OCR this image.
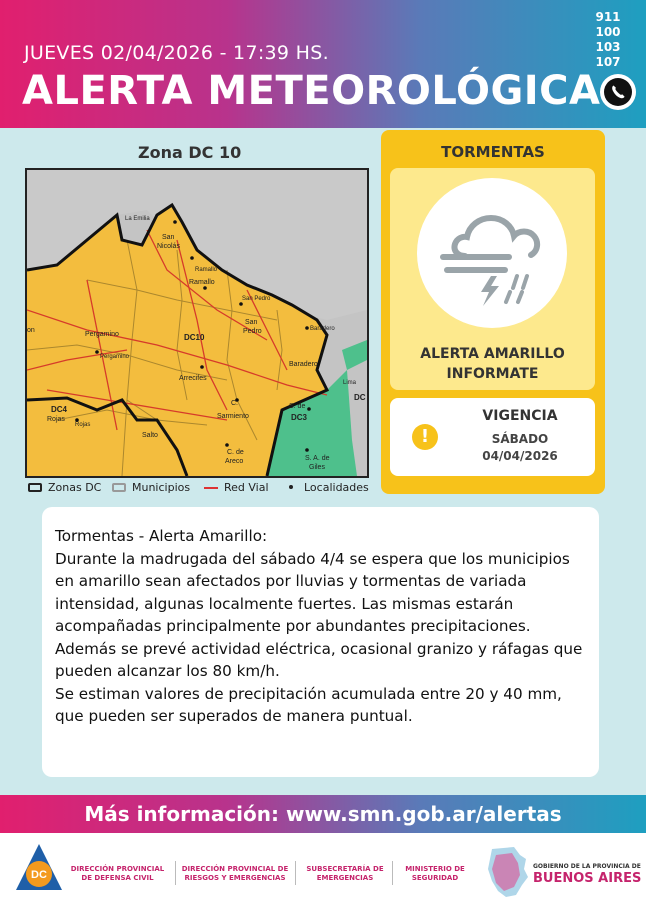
JUEVES 02/04/2026 - 17:39 HS.
ALERTA METEOROLÓGICA
911
100
103
107
Zona DC 10
La Emilia
San
Nicolás
Ramallo
Ramallo
San Pedro
San
Pedro	Baradero
Baradero
Pergamino
Pergamino
DC10
Arrecifes
Lima
C.
Sarmiento
DC4
Rojas
Rojas
Salto
C. de
Areco	S. A. de
Giles
DC3
DC
on
S. de
Zonas DC	Municipios	Red Vial	Localidades
TORMENTAS
ALERTA AMARILLO
INFORMATE
!
VIGENCIA
SÁBADO
04/04/2026

Tormentas - Alerta Amarillo:

Durante la madrugada del sábado 4/4 se espera que los municipios en amarillo sean afectados por lluvias y tormentas de variada intensidad, algunas localmente fuertes. Las mismas estarán acompañadas principalmente por abundantes precipitaciones. Además se prevé actividad eléctrica, ocasional granizo y ráfagas que pueden alcanzar los 80 km/h.

Se estiman valores de precipitación acumulada entre 20 y 40 mm, que pueden ser superados de manera puntual.

Más información: www.smn.gob.ar/alertas
DC	DIRECCIÓN PROVINCIAL
DE DEFENSA CIVIL
DIRECCIÓN PROVINCIAL DE
RIESGOS Y EMERGENCIAS
SUBSECRETARÍA DE
EMERGENCIAS
MINISTERIO DE
SEGURIDAD
GOBIERNO DE LA PROVINCIA DE
BUENOS AIRES
